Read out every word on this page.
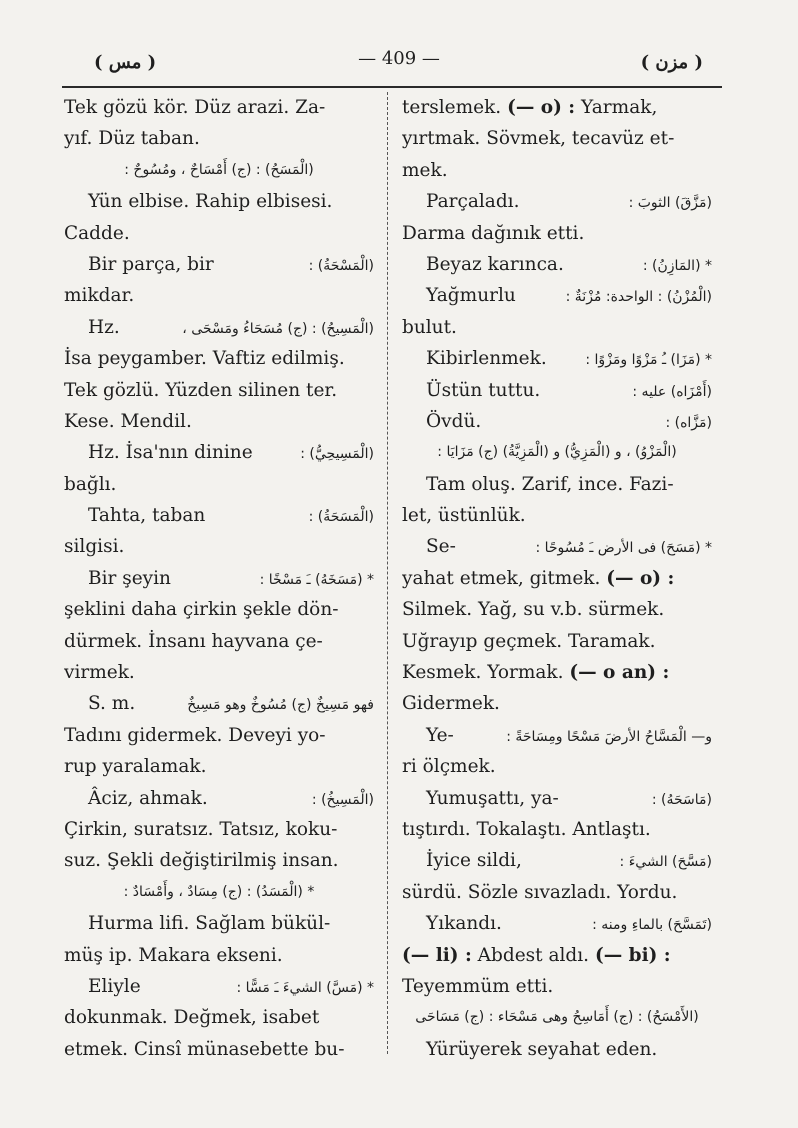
( مس )	— 409 —	( مزن )
Tek gözü kör. Düz arazi. Za-
yıf. Düz taban.
(الْمَسَحُ) : (ج) أَمْسَاحٌ ، ومُسُوحٌ :
Yün elbise. Rahip elbisesi.
Cadde.
Bir parça, bir	(الْمَسْحَةُ) :
mikdar.
Hz.	(الْمَسِيحُ) : (ج) مُسَحَاءُ ومَسْحَى ،
İsa peygamber. Vaftiz edilmiş.
Tek gözlü. Yüzden silinen ter.
Kese. Mendil.
Hz. İsa'nın dinine	(الْمَسِيحِيُّ) :
bağlı.
Tahta, taban	(الْمَسَحَةُ) :
silgisi.
Bir şeyin	* (مَسَخَهُ) ـَ مَسْخًا :
şeklini daha çirkin şekle dön-
dürmek. İnsanı hayvana çe-
virmek.
S. m.	فهو مَسِيخٌ (ج) مُسُوخٌ وهو مَسِيخٌ
Tadını gidermek. Deveyi yo-
rup yaralamak.
Âciz, ahmak.	(الْمَسِيخُ) :
Çirkin, suratsız. Tatsız, koku-
suz. Şekli değiştirilmiş insan.
* (الْمَسَدُ) : (ج) مِسَادٌ ، وأَمْسَادٌ :
Hurma lifi. Sağlam bükül-
müş ip. Makara ekseni.
Eliyle	* (مَسَّ) الشيءَ ـَ مَسًّا :
dokunmak. Değmek, isabet
etmek. Cinsî münasebette bu-
terslemek. (— o) : Yarmak,
yırtmak. Sövmek, tecavüz et-
mek.
Parçaladı.	(مَزَّقَ) الثوبَ :
Darma dağınık etti.
Beyaz karınca.	* (المَازِنُ) :
Yağmurlu	(الْمُزْنُ) : الواحدة: مُزْنَةٌ :
bulut.
Kibirlenmek.	* (مَزَا) ـُ مَزْوًا ومَزْوًا :
Üstün tuttu.	(أَمْزَاه) عليه :
Övdü.	(مَزَّاه) :
(الْمَزْوُ) ، و (الْمَزِيُّ) و (الْمَزِيَّةُ) (ج) مَزَايَا :
Tam oluş. Zarif, ince. Fazi-
let, üstünlük.
Se-	* (مَسَحَ) فى الأرض ـَ مُسُوحًا :
yahat etmek, gitmek. (— o) :
Silmek. Yağ, su v.b. sürmek.
Uğrayıp geçmek. Taramak.
Kesmek. Yormak. (— o an) :
Gidermek.
Ye-	و— الْمَسَّاحُ الأرضَ مَسْحًا ومِسَاحَةً :
ri ölçmek.
Yumuşattı, ya-	(مَاسَحَهُ) :
tıştırdı. Tokalaştı. Antlaştı.
İyice sildi,	(مَسَّحَ) الشيءَ :
sürdü. Sözle sıvazladı. Yordu.
Yıkandı.	(تَمَسَّحَ) بالماءِ ومنه :
(— li) : Abdest aldı. (— bi) :
Teyemmüm etti.
(الأَمْسَحُ) : (ج) أَمَاسِحُ وهى مَسْحَاء : (ج) مَسَاحَى
Yürüyerek seyahat eden.
